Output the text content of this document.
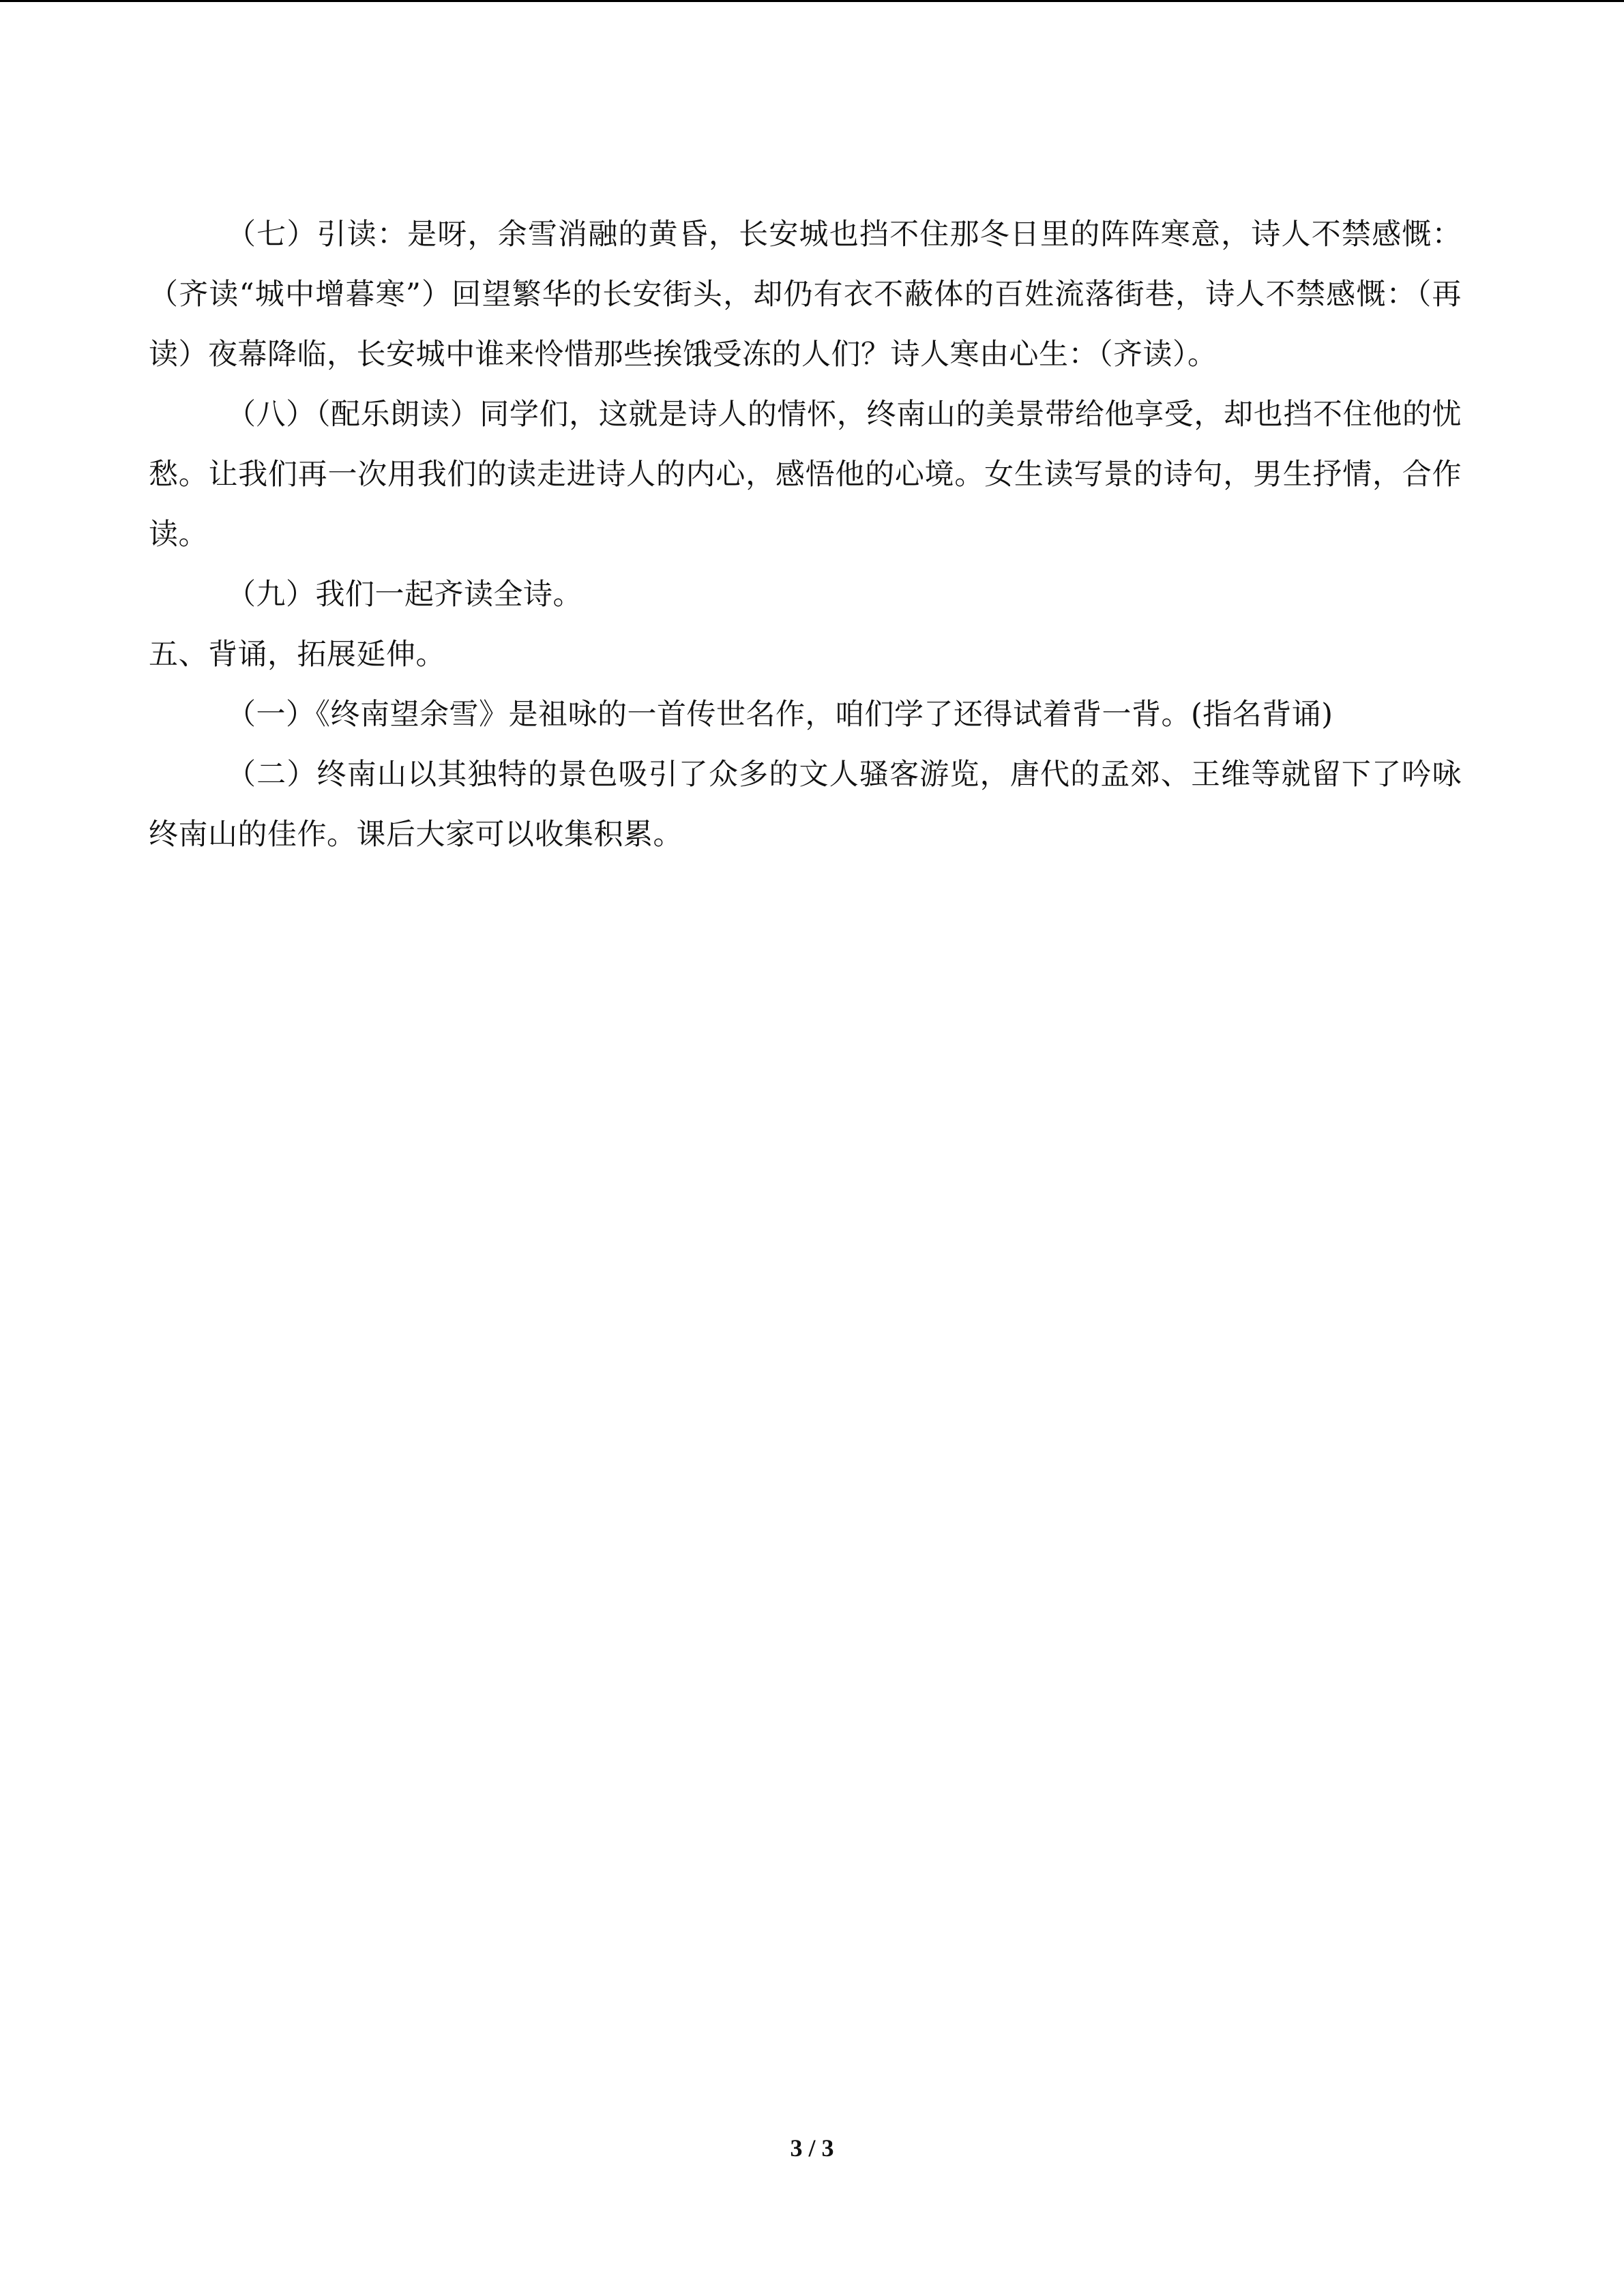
（七）引读：是呀，余雪消融的黄昏，长安城也挡不住那冬日里的阵阵寒意，诗人不禁感慨：（齐读“城中增暮寒”）回望繁华的长安街头，却仍有衣不蔽体的百姓流落街巷，诗人不禁感慨：（再读）夜幕降临，长安城中谁来怜惜那些挨饿受冻的人们？诗人寒由心生：（齐读）。

（八）（配乐朗读）同学们，这就是诗人的情怀，终南山的美景带给他享受，却也挡不住他的忧愁。让我们再一次用我们的读走进诗人的内心，感悟他的心境。女生读写景的诗句，男生抒情，合作读。

（九）我们一起齐读全诗。

五、背诵，拓展延伸。

（一）《终南望余雪》是祖咏的一首传世名作，咱们学了还得试着背一背。(指名背诵)

（二）终南山以其独特的景色吸引了众多的文人骚客游览，唐代的孟郊、王维等就留下了吟咏终南山的佳作。课后大家可以收集积累。

3 / 3
